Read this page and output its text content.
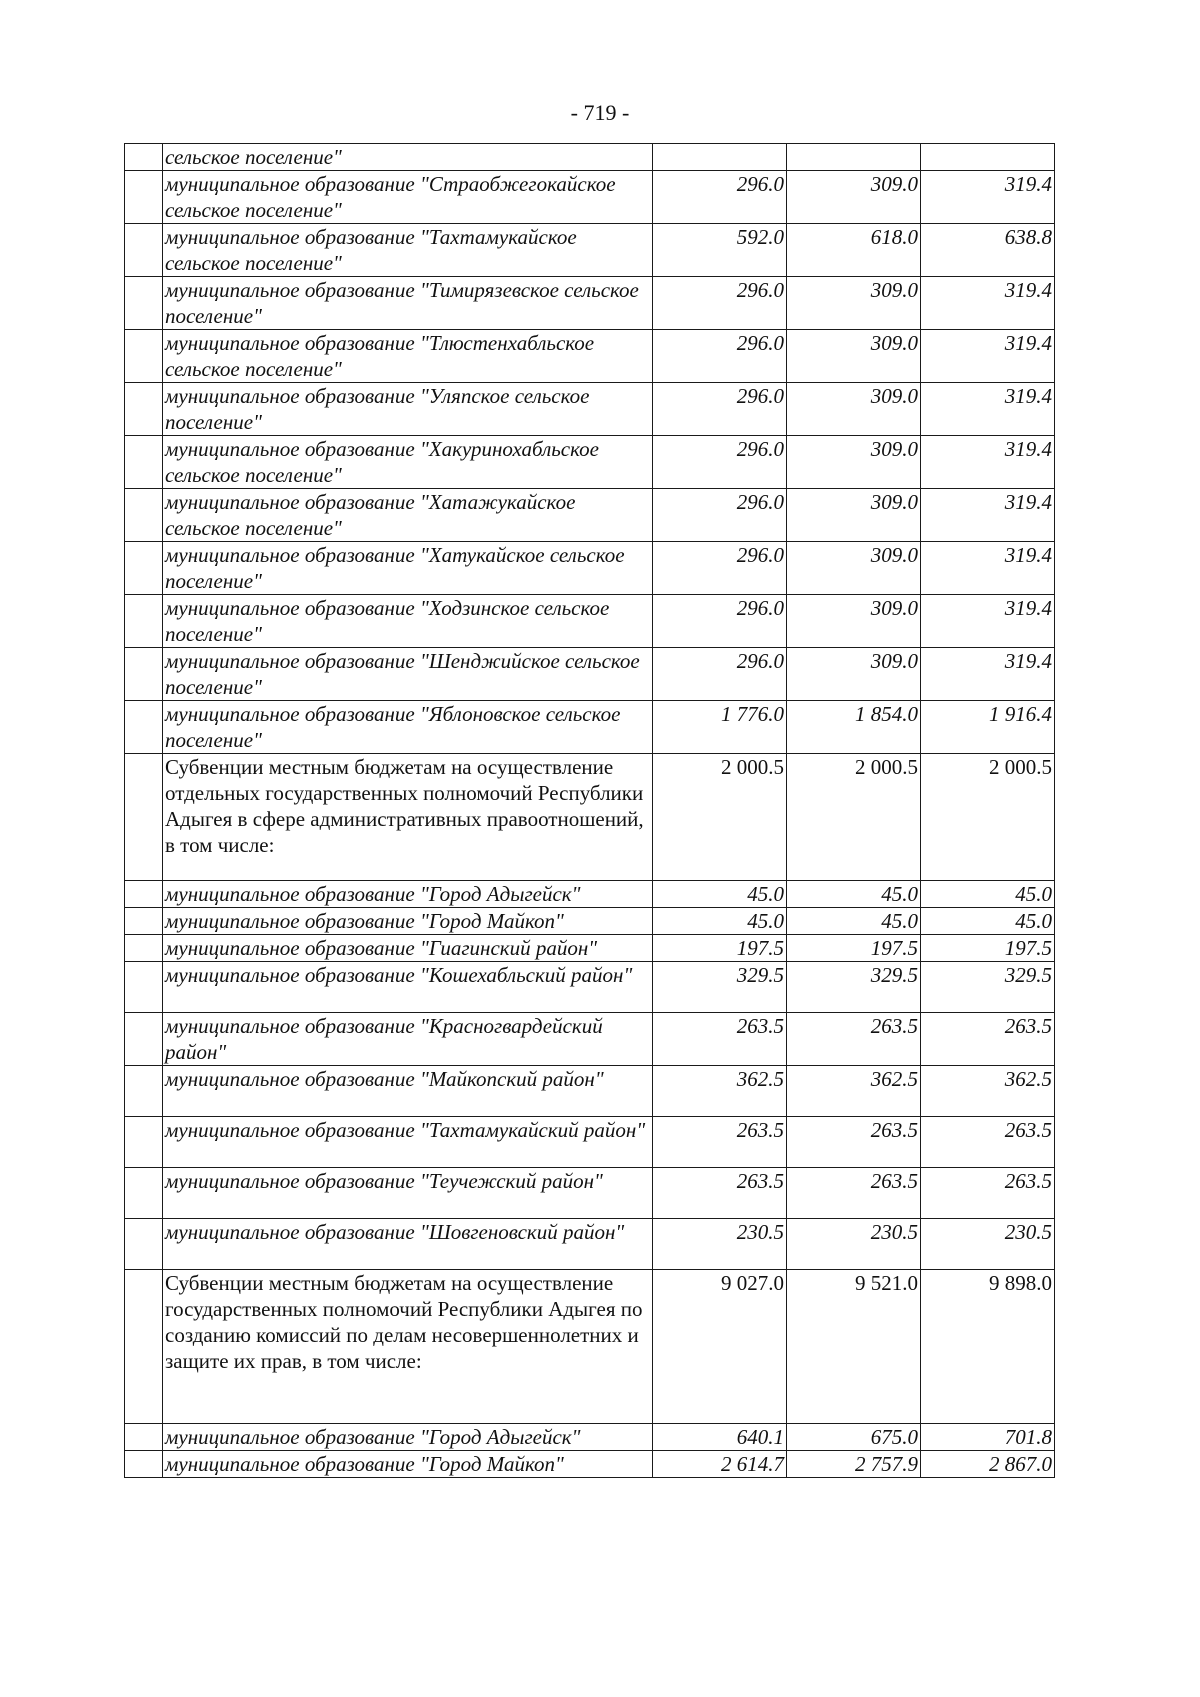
- 719 -
	сельское поселение"			
	муниципальное образование "Страобжегокайское сельское поселение"	296.0	309.0	319.4
	муниципальное образование "Тахтамукайское сельское поселение"	592.0	618.0	638.8
	муниципальное образование "Тимирязевское сельское поселение"	296.0	309.0	319.4
	муниципальное образование "Тлюстенхабльское сельское поселение"	296.0	309.0	319.4
	муниципальное образование "Уляпское сельское поселение"	296.0	309.0	319.4
	муниципальное образование "Хакуринохабльское сельское поселение"	296.0	309.0	319.4
	муниципальное образование "Хатажукайское сельское поселение"	296.0	309.0	319.4
	муниципальное образование "Хатукайское сельское поселение"	296.0	309.0	319.4
	муниципальное образование "Ходзинское сельское поселение"	296.0	309.0	319.4
	муниципальное образование "Шенджийское сельское поселение"	296.0	309.0	319.4
	муниципальное образование "Яблоновское сельское поселение"	1 776.0	1 854.0	1 916.4
	Субвенции местным бюджетам на осуществление отдельных государственных полномочий Республики Адыгея в сфере административных правоотношений, в том числе:	2 000.5	2 000.5	2 000.5
	муниципальное образование "Город Адыгейск"	45.0	45.0	45.0
	муниципальное образование "Город Майкоп"	45.0	45.0	45.0
	муниципальное образование "Гиагинский район"	197.5	197.5	197.5
	муниципальное образование "Кошехабльский район"	329.5	329.5	329.5
	муниципальное образование "Красногвардейский район"	263.5	263.5	263.5
	муниципальное образование "Майкопский район"	362.5	362.5	362.5
	муниципальное образование "Тахтамукайский район"	263.5	263.5	263.5
	муниципальное образование "Теучежский район"	263.5	263.5	263.5
	муниципальное образование "Шовгеновский район"	230.5	230.5	230.5
	Субвенции местным бюджетам на осуществление государственных полномочий Республики Адыгея по созданию комиссий по делам несовершеннолетних и защите их прав, в том числе:	9 027.0	9 521.0	9 898.0
	муниципальное образование "Город Адыгейск"	640.1	675.0	701.8
	муниципальное образование "Город Майкоп"	2 614.7	2 757.9	2 867.0
